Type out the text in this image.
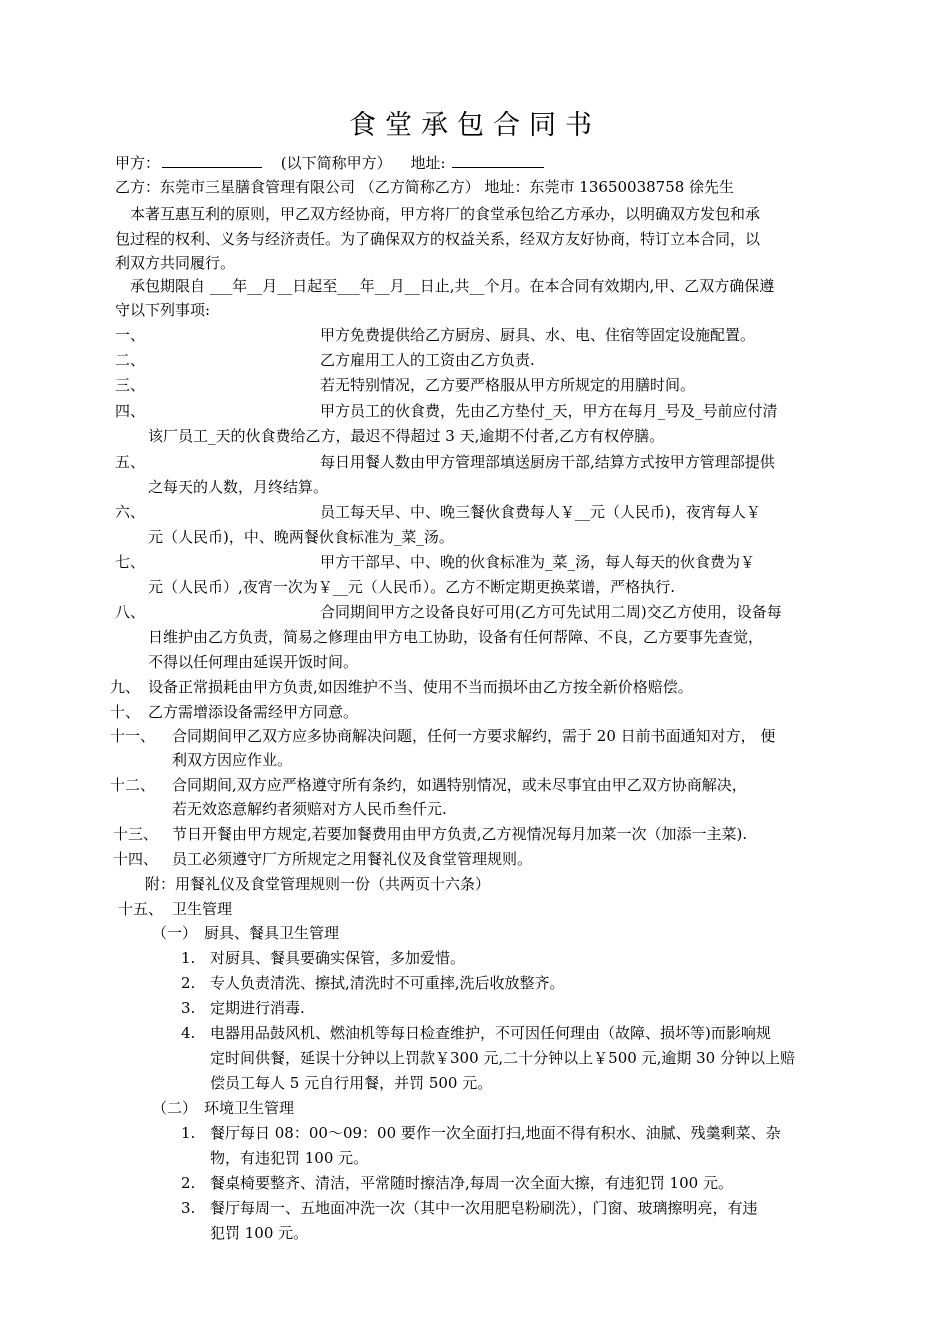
食堂承包合同书
甲方：	(以下简称甲方） 地址:
乙方：东莞市三星膳食管理有限公司 （乙方简称乙方） 地址：东莞市 13650038758 徐先生
本著互惠互利的原则，甲乙双方经协商，甲方将厂的食堂承包给乙方承办，以明确双方发包和承
包过程的权利、义务与经济责任。为了确保双方的权益关系，经双方友好协商，特订立本合同，以
利双方共同履行。
承包期限自 ___年__月__日起至___年__月__日止,共__个月。在本合同有效期内,甲、乙双方确保遵
守以下列事项:
一、	甲方免费提供给乙方厨房、厨具、水、电、住宿等固定设施配置。
二、	乙方雇用工人的工资由乙方负责.
三、	若无特别情况，乙方要严格服从甲方所规定的用膳时间。
四、	甲方员工的伙食费，先由乙方垫付_天，甲方在每月_号及_号前应付清
该厂员工_天的伙食费给乙方，最迟不得超过 3 天,逾期不付者,乙方有权停膳。
五、	每日用餐人数由甲方管理部填送厨房干部,结算方式按甲方管理部提供
之每天的人数，月终结算。
六、	员工每天早、中、晚三餐伙食费每人￥__元（人民币)，夜宵每人￥
元（人民币)，中、晚两餐伙食标准为_菜_汤。
七、	甲方干部早、中、晚的伙食标准为_菜_汤，每人每天的伙食费为￥
元（人民币）,夜宵一次为￥__元（人民币）。乙方不断定期更换菜谱，严格执行.
八、	合同期间甲方之设备良好可用(乙方可先试用二周)交乙方使用，设备每
日维护由乙方负责，简易之修理由甲方电工协助，设备有任何帮障、不良，乙方要事先查觉，
不得以任何理由延误开饭时间。
九、 设备正常损耗由甲方负责,如因维护不当、使用不当而损坏由乙方按全新价格赔偿。
十、 乙方需增添设备需经甲方同意。
十一、 合同期间甲乙双方应多协商解决问题，任何一方要求解约，需于 20 日前书面通知对方， 便
利双方因应作业。
十二、 合同期间,双方应严格遵守所有条约，如遇特别情况，或未尽事宜由甲乙双方协商解决，
若无效恣意解约者须赔对方人民币叁仟元.
十三、 节日开餐由甲方规定,若要加餐费用由甲方负责,乙方视情况每月加菜一次（加添一主菜).
十四、 员工必须遵守厂方所规定之用餐礼仪及食堂管理规则。
附：用餐礼仪及食堂管理规则一份（共两页十六条）
十五、 卫生管理
（一） 厨具、餐具卫生管理
1. 对厨具、餐具要确实保管，多加爱惜。
2. 专人负责清洗、擦拭,清洗时不可重摔,洗后收放整齐。
3. 定期进行消毒.
4. 电器用品鼓风机、燃油机等每日检查维护，不可因任何理由（故障、损坏等)而影响规
定时间供餐，延误十分钟以上罚款￥300 元,二十分钟以上￥500 元,逾期 30 分钟以上赔
偿员工每人 5 元自行用餐，并罚 500 元。
（二） 环境卫生管理
1. 餐厅每日 08：00～09：00 要作一次全面打扫,地面不得有积水、油腻、残羹剩菜、杂
物，有违犯罚 100 元。
2. 餐桌椅要整齐、清洁，平常随时擦洁净,每周一次全面大擦，有违犯罚 100 元。
3. 餐厅每周一、五地面冲洗一次（其中一次用肥皂粉刷洗），门窗、玻璃擦明亮，有违
犯罚 100 元。
